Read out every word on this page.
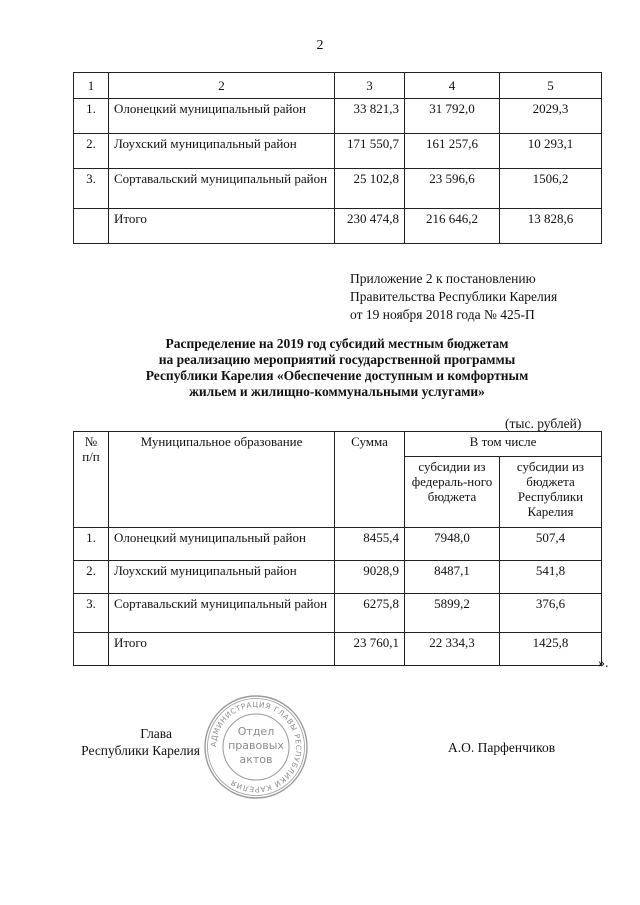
2
1	2	3	4	5
1.	Олонецкий муниципальный район	33 821,3	31 792,0	2029,3
2.	Лоухский муниципальный район	171 550,7	161 257,6	10 293,1
3.	Сортавальский муниципальный район	25 102,8	23 596,6	1506,2
	Итого	230 474,8	216 646,2	13 828,6
Приложение 2 к постановлению
Правительства Республики Карелия
от 19 ноября 2018 года № 425-П
Распределение на 2019 год субсидий местным бюджетам
на реализацию мероприятий государственной программы
Республики Карелия «Обеспечение доступным и комфортным
жильем и жилищно-коммунальными услугами»
(тыс. рублей)
№ п/п	Муниципальное образование	Сумма	В том числе	
			субсидии из федераль-ного бюджета	субсидии из бюджета Республики Карелия
1.	Олонецкий муниципальный район	8455,4	7948,0	507,4
2.	Лоухский муниципальный район	9028,9	8487,1	541,8
3.	Сортавальский муниципальный район	6275,8	5899,2	376,6
	Итого	23 760,1	22 334,3	1425,8
».
Глава
Республики Карелия АДМИНИСТРАЦИЯ ГЛАВЫ РЕСПУБЛИКИ КАРЕЛИЯ
Отдел
правовых
актов
А.О. Парфенчиков
